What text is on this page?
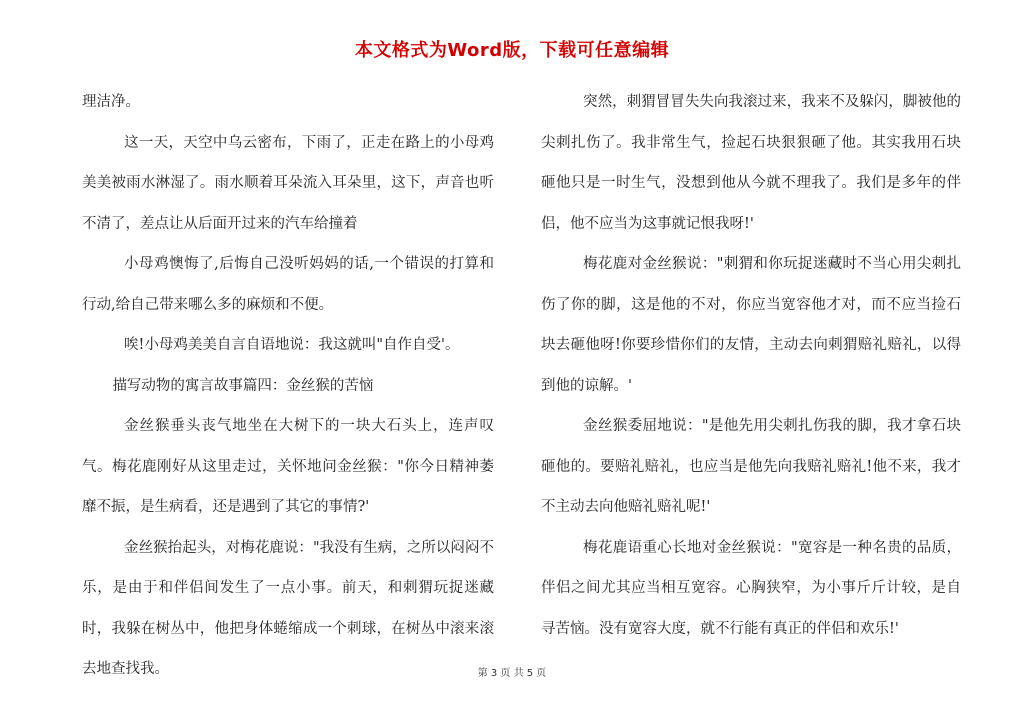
本文格式为Word版，下载可任意编辑

理洁净。

这一天，天空中乌云密布，下雨了，正走在路上的小母鸡美美被雨水淋湿了。雨水顺着耳朵流入耳朵里，这下，声音也听不清了，差点让从后面开过来的汽车给撞着

小母鸡懊悔了,后悔自己没听妈妈的话,一个错误的打算和行动,给自己带来哪么多的麻烦和不便。

唉!小母鸡美美自言自语地说：我这就叫"自作自受'。

描写动物的寓言故事篇四：金丝猴的苦恼

金丝猴垂头丧气地坐在大树下的一块大石头上，连声叹气。梅花鹿刚好从这里走过，关怀地问金丝猴："你今日精神萎靡不振，是生病看，还是遇到了其它的事情?'

金丝猴抬起头，对梅花鹿说："我没有生病，之所以闷闷不乐，是由于和伴侣间发生了一点小事。前天，和刺猬玩捉迷藏时，我躲在树丛中，他把身体蜷缩成一个刺球，在树丛中滚来滚去地查找我。

突然，刺猬冒冒失失向我滚过来，我来不及躲闪，脚被他的尖刺扎伤了。我非常生气，捡起石块狠狠砸了他。其实我用石块砸他只是一时生气，没想到他从今就不理我了。我们是多年的伴侣，他不应当为这事就记恨我呀!'

梅花鹿对金丝猴说："刺猬和你玩捉迷藏时不当心用尖刺扎伤了你的脚，这是他的不对，你应当宽容他才对，而不应当捡石块去砸他呀!你要珍惜你们的友情，主动去向刺猬赔礼赔礼，以得到他的谅解。'

金丝猴委屈地说："是他先用尖刺扎伤我的脚，我才拿石块砸他的。要赔礼赔礼，也应当是他先向我赔礼赔礼!他不来，我才不主动去向他赔礼赔礼呢!'

梅花鹿语重心长地对金丝猴说："宽容是一种名贵的品质，伴侣之间尤其应当相互宽容。心胸狭窄，为小事斤斤计较，是自寻苦恼。没有宽容大度，就不行能有真正的伴侣和欢乐!'

第 3 页 共 5 页
